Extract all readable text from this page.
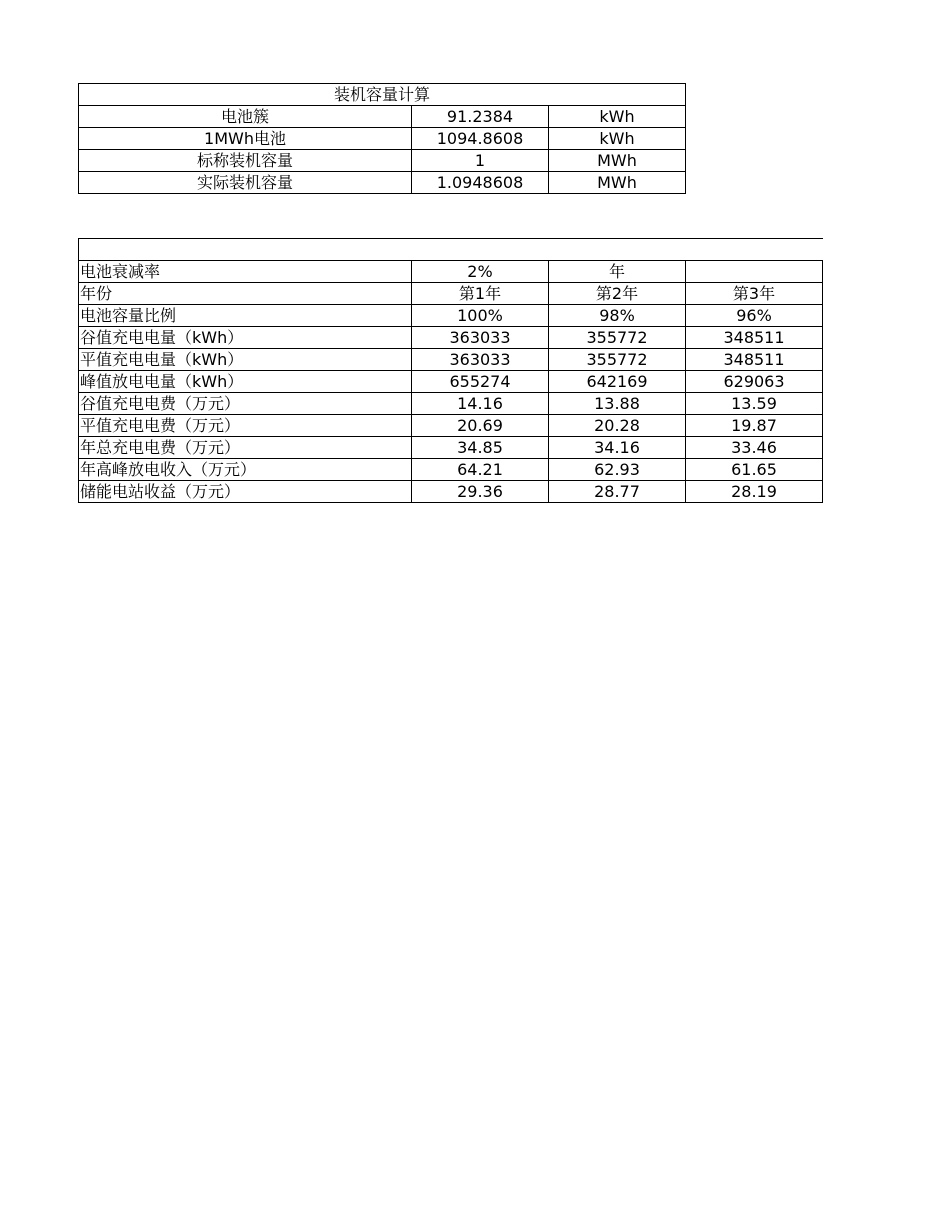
装机容量计算		
电池簇	91.2384	kWh
1MWh电池	1094.8608	kWh
标称装机容量	1	MWh
实际装机容量	1.0948608	MWh

电池衰减率	2%	年	
年份	第1年	第2年	第3年
电池容量比例	100%	98%	96%
谷值充电电量（kWh）	363033	355772	348511
平值充电电量（kWh）	363033	355772	348511
峰值放电电量（kWh）	655274	642169	629063
谷值充电电费（万元）	14.16	13.88	13.59
平值充电电费（万元）	20.69	20.28	19.87
年总充电电费（万元）	34.85	34.16	33.46
年高峰放电收入（万元）	64.21	62.93	61.65
储能电站收益（万元）	29.36	28.77	28.19
